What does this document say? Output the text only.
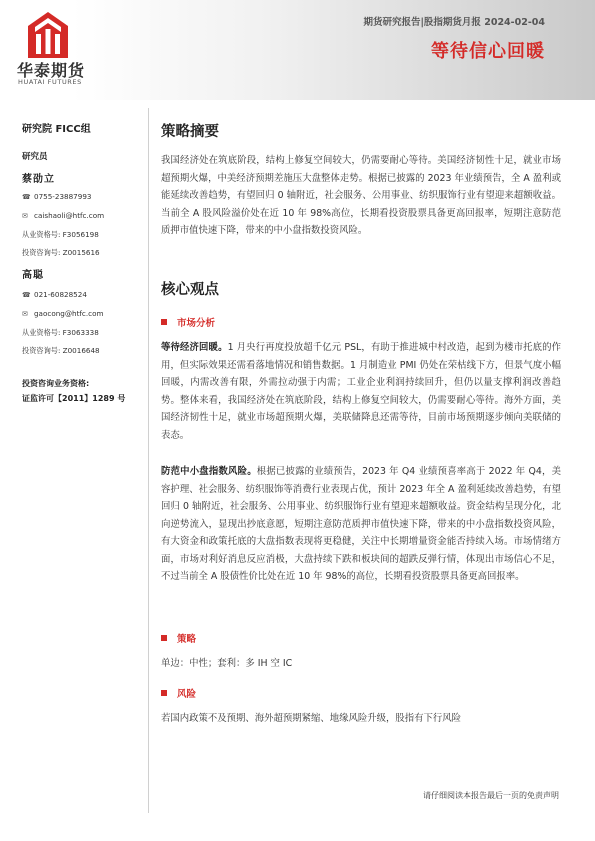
华泰期货
HUATAI FUTURES
期货研究报告|股指期货月报 2024-02-04
等待信心回暖
研究院 FICC组
研究员
蔡劭立
☎ 0755-23887993
✉ caishaoli@htfc.com
从业资格号: F3056198
投资咨询号: Z0015616
高聪
☎ 021-60828524
✉ gaocong@htfc.com
从业资格号: F3063338
投资咨询号: Z0016648
投资咨询业务资格:
证监许可【2011】1289 号
策略摘要
我国经济处在筑底阶段，结构上修复空间较大，仍需要耐心等待。美国经济韧性十足，就业市场超预期火爆，中美经济预期差施压大盘整体走势。根据已披露的 2023 年业绩预告，全 A 盈利或能延续改善趋势，有望回归 0 轴附近，社会服务、公用事业、纺织服饰行业有望迎来超额收益。当前全 A 股风险溢价处在近 10 年 98%高位，长期看投资股票具备更高回报率，短期注意防范质押市值快速下降，带来的中小盘指数投资风险。
核心观点
市场分析
等待经济回暖。1 月央行再度投放超千亿元 PSL，有助于推进城中村改造，起到为楼市托底的作用，但实际效果还需看落地情况和销售数据。1 月制造业 PMI 仍处在荣枯线下方，但景气度小幅回暖，内需改善有限，外需拉动强于内需；工业企业利润持续回升，但仍以量支撑利润改善趋势。整体来看，我国经济处在筑底阶段，结构上修复空间较大，仍需要耐心等待。海外方面，美国经济韧性十足，就业市场超预期火爆，美联储降息还需等待，目前市场预期逐步倾向美联储的表态。
防范中小盘指数风险。根据已披露的业绩预告，2023 年 Q4 业绩预喜率高于 2022 年 Q4，美容护理、社会服务、纺织服饰等消费行业表现占优，预计 2023 年全 A 盈利延续改善趋势，有望回归 0 轴附近，社会服务、公用事业、纺织服饰行业有望迎来超额收益。资金结构呈现分化，北向逆势流入，显现出抄底意愿，短期注意防范质押市值快速下降，带来的中小盘指数投资风险，有大资金和政策托底的大盘指数表现将更稳健，关注中长期增量资金能否持续入场。市场情绪方面，市场对利好消息反应消极，大盘持续下跌和板块间的超跌反弹行情，体现出市场信心不足，不过当前全 A 股债性价比处在近 10 年 98%的高位，长期看投资股票具备更高回报率。
策略
单边：中性；套利：多 IH 空 IC
风险
若国内政策不及预期、海外超预期紧缩、地缘风险升级，股指有下行风险
请仔细阅读本报告最后一页的免责声明
